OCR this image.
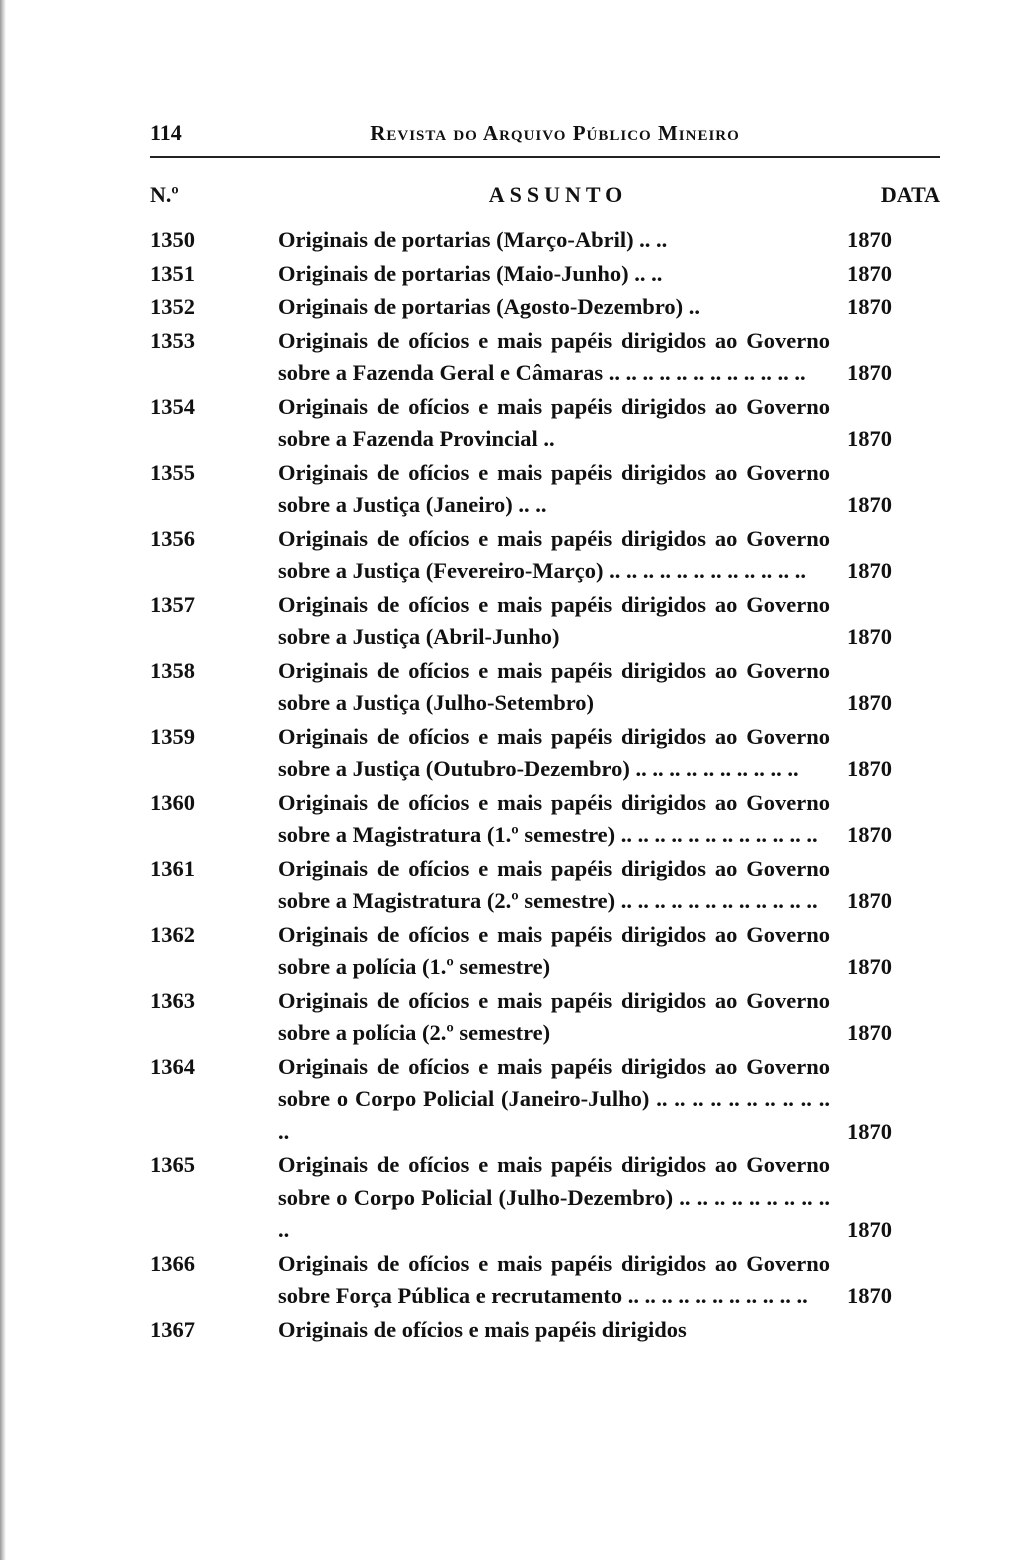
114	Revista do Arquivo Público Mineiro
N.º	ASSUNTO	DATA
1350	Originais de portarias (Março-Abril) .. ..	1870
1351	Originais de portarias (Maio-Junho) .. ..	1870
1352	Originais de portarias (Agosto-Dezembro) ..	1870
1353	Originais de ofícios e mais papéis dirigidos ao Governo sobre a Fazenda Geral e Câmaras .. .. .. .. .. .. .. .. .. .. .. ..	1870
1354	Originais de ofícios e mais papéis dirigidos ao Governo sobre a Fazenda Provincial ..	1870
1355	Originais de ofícios e mais papéis dirigidos ao Governo sobre a Justiça (Janeiro) .. ..	1870
1356	Originais de ofícios e mais papéis dirigidos ao Governo sobre a Justiça (Fevereiro-Março) .. .. .. .. .. .. .. .. .. .. .. ..	1870
1357	Originais de ofícios e mais papéis dirigidos ao Governo sobre a Justiça (Abril-Junho)	1870
1358	Originais de ofícios e mais papéis dirigidos ao Governo sobre a Justiça (Julho-Setembro)	1870
1359	Originais de ofícios e mais papéis dirigidos ao Governo sobre a Justiça (Outubro-Dezembro) .. .. .. .. .. .. .. .. .. ..	1870
1360	Originais de ofícios e mais papéis dirigidos ao Governo sobre a Magistratura (1.º semestre) .. .. .. .. .. .. .. .. .. .. .. ..	1870
1361	Originais de ofícios e mais papéis dirigidos ao Governo sobre a Magistratura (2.º semestre) .. .. .. .. .. .. .. .. .. .. .. ..	1870
1362	Originais de ofícios e mais papéis dirigidos ao Governo sobre a polícia (1.º semestre)	1870
1363	Originais de ofícios e mais papéis dirigidos ao Governo sobre a polícia (2.º semestre)	1870
1364	Originais de ofícios e mais papéis dirigidos ao Governo sobre o Corpo Policial (Janeiro-Julho) .. .. .. .. .. .. .. .. .. .. ..	1870
1365	Originais de ofícios e mais papéis dirigidos ao Governo sobre o Corpo Policial (Julho-Dezembro) .. .. .. .. .. .. .. .. .. ..	1870
1366	Originais de ofícios e mais papéis dirigidos ao Governo sobre Força Pública e recrutamento .. .. .. .. .. .. .. .. .. .. ..	1870
1367	Originais de ofícios e mais papéis dirigidos
